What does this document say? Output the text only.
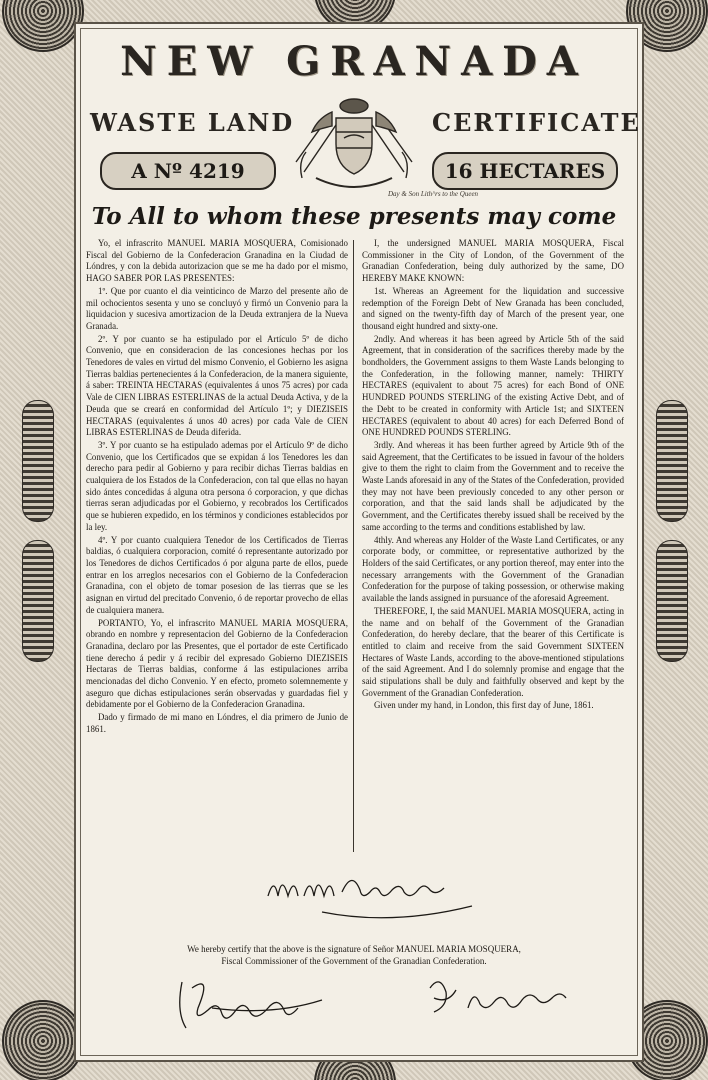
NEW GRANADA
WASTE LAND	CERTIFICATE
A Nº 4219	16 HECTARES
Day & Son Lith^rs to the Queen
To All to whom these presents may come

Yo, el infrascrito MANUEL MARIA MOSQUERA, Comisionado Fiscal del Gobierno de la Confederacion Granadina en la Ciudad de Lóndres, y con la debida autorizacion que se me ha dado por el mismo, HAGO SABER POR LAS PRESENTES:

1º. Que por cuanto el dia veinticinco de Marzo del presente año de mil ochocientos sesenta y uno se concluyó y firmó un Convenio para la liquidacion y sucesiva amortizacion de la Deuda extranjera de la Nueva Granada.

2º. Y por cuanto se ha estipulado por el Artículo 5º de dicho Convenio, que en consideracion de las concesiones hechas por los Tenedores de vales en virtud del mismo Convenio, el Gobierno les asigna Tierras baldias pertenecientes á la Confederacion, de la manera siguiente, á saber: TREINTA HECTARAS (equivalentes á unos 75 acres) por cada Vale de CIEN LIBRAS ESTERLINAS de la actual Deuda Activa, y de la Deuda que se creará en conformidad del Artículo 1º; y DIEZISEIS HECTARAS (equivalentes á unos 40 acres) por cada Vale de CIEN LIBRAS ESTERLINAS de Deuda diferida.

3º. Y por cuanto se ha estipulado ademas por el Artículo 9º de dicho Convenio, que los Certificados que se expidan á los Tenedores les dan derecho para pedir al Gobierno y para recibir dichas Tierras baldias en cualquiera de los Estados de la Confederacion, con tal que ellas no hayan sido ántes concedidas á alguna otra persona ó corporacion, y que dichas tierras seran adjudicadas por el Gobierno, y recobrados los Certificados que se hubieren expedido, en los términos y condiciones establecidos por la ley.

4º. Y por cuanto cualquiera Tenedor de los Certificados de Tierras baldias, ó cualquiera corporacion, comité ó representante autorizado por los Tenedores de dichos Certificados ó por alguna parte de ellos, puede entrar en los arreglos necesarios con el Gobierno de la Confederacion Granadina, con el objeto de tomar posesion de las tierras que se les asignan en virtud del precitado Convenio, ó de reportar provecho de ellas de cualquiera manera.

PORTANTO, Yo, el infrascrito MANUEL MARIA MOSQUERA, obrando en nombre y representacion del Gobierno de la Confederacion Granadina, declaro por las Presentes, que el portador de este Certificado tiene derecho á pedir y á recibir del expresado Gobierno DIEZISEIS Hectaras de Tierras baldias, conforme á las estipulaciones arriba mencionadas del dicho Convenio. Y en efecto, prometo solemnemente y aseguro que dichas estipulaciones serán observadas y guardadas fiel y debidamente por el Gobierno de la Confederacion Granadina.

Dado y firmado de mi mano en Lóndres, el dia primero de Junio de 1861.

I, the undersigned MANUEL MARIA MOSQUERA, Fiscal Commissioner in the City of London, of the Government of the Granadian Confederation, being duly authorized by the same, DO HEREBY MAKE KNOWN:

1st. Whereas an Agreement for the liquidation and successive redemption of the Foreign Debt of New Granada has been concluded, and signed on the twenty-fifth day of March of the present year, one thousand eight hundred and sixty-one.

2ndly. And whereas it has been agreed by Article 5th of the said Agreement, that in consideration of the sacrifices thereby made by the bondholders, the Government assigns to them Waste Lands belonging to the Confederation, in the following manner, namely: THIRTY HECTARES (equivalent to about 75 acres) for each Bond of ONE HUNDRED POUNDS STERLING of the existing Active Debt, and of the Debt to be created in conformity with Article 1st; and SIXTEEN HECTARES (equivalent to about 40 acres) for each Deferred Bond of ONE HUNDRED POUNDS STERLING.

3rdly. And whereas it has been further agreed by Article 9th of the said Agreement, that the Certificates to be issued in favour of the holders give to them the right to claim from the Government and to receive the Waste Lands aforesaid in any of the States of the Confederation, provided they may not have been previously conceded to any other person or corporation, and that the said lands shall be adjudicated by the Government, and the Certificates thereby issued shall be received by the same according to the terms and conditions established by law.

4thly. And whereas any Holder of the Waste Land Certificates, or any corporate body, or committee, or representative authorized by the Holders of the said Certificates, or any portion thereof, may enter into the necessary arrangements with the Government of the Granadian Confederation for the purpose of taking possession, or otherwise making available the lands assigned in pursuance of the aforesaid Agreement.

THEREFORE, I, the said MANUEL MARIA MOSQUERA, acting in the name and on behalf of the Government of the Granadian Confederation, do hereby declare, that the bearer of this Certificate is entitled to claim and receive from the said Government SIXTEEN Hectares of Waste Lands, according to the above-mentioned stipulations of the said Agreement. And I do solemnly promise and engage that the said stipulations shall be duly and faithfully observed and kept by the Government of the Granadian Confederation.

Given under my hand, in London, this first day of June, 1861.

We hereby certify that the above is the signature of Señor MANUEL MARIA MOSQUERA,
Fiscal Commissioner of the Government of the Granadian Confederation.
